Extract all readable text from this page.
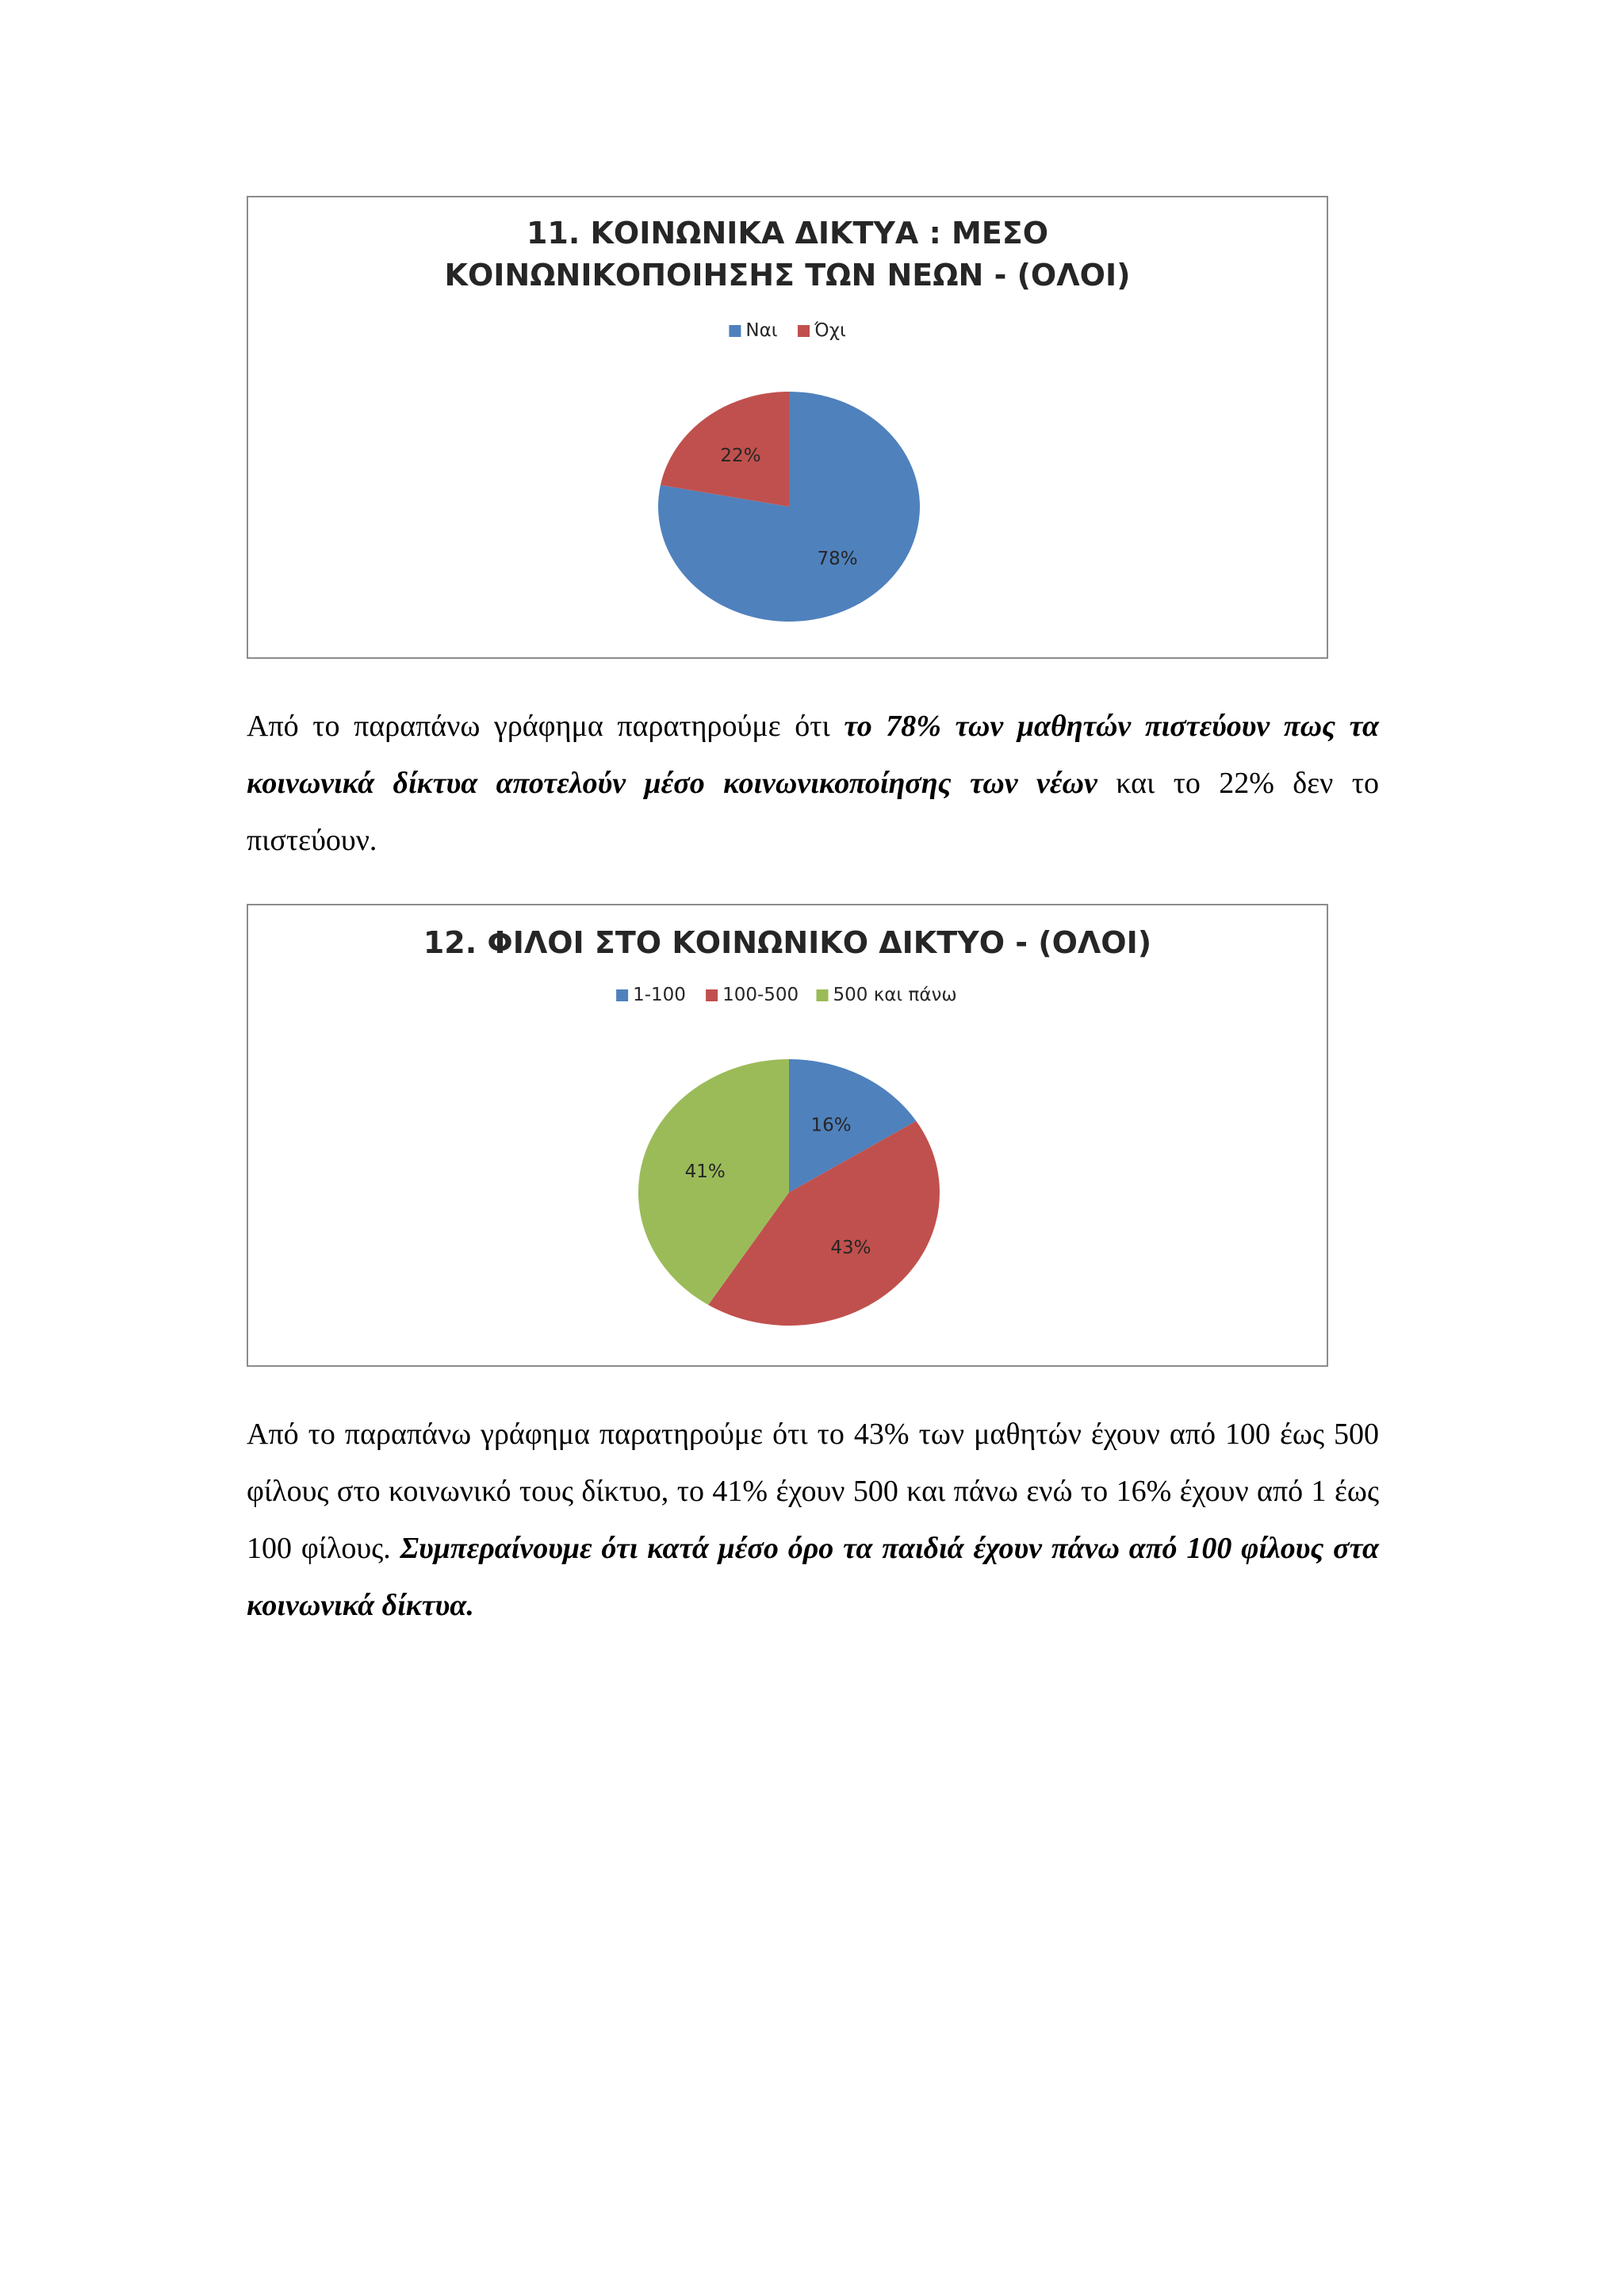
11. ΚΟΙΝΩΝΙΚΑ ΔΙΚΤΥΑ : ΜΕΣΟ
ΚΟΙΝΩΝΙΚΟΠΟΙΗΣΗΣ ΤΩΝ ΝΕΩΝ - (ΟΛΟΙ)
Ναι Όχι
78%
22%

Από το παραπάνω γράφημα παρατηρούμε ότι το 78% των μαθητών πιστεύουν πως τα κοινωνικά δίκτυα αποτελούν μέσο κοινωνικοποίησης των νέων και το 22% δεν το πιστεύουν.

12. ΦΙΛΟΙ ΣΤΟ ΚΟΙΝΩΝΙΚΟ ΔΙΚΤΥΟ - (ΟΛΟΙ)
1-100 100-500 500 και πάνω
16%
43%
41%

Από το παραπάνω γράφημα παρατηρούμε ότι το 43% των μαθητών έχουν από 100 έως 500 φίλους στο κοινωνικό τους δίκτυο, το 41% έχουν 500 και πάνω ενώ το 16% έχουν από 1 έως 100 φίλους. Συμπεραίνουμε ότι κατά μέσο όρο τα παιδιά έχουν πάνω από 100 φίλους στα κοινωνικά δίκτυα.
